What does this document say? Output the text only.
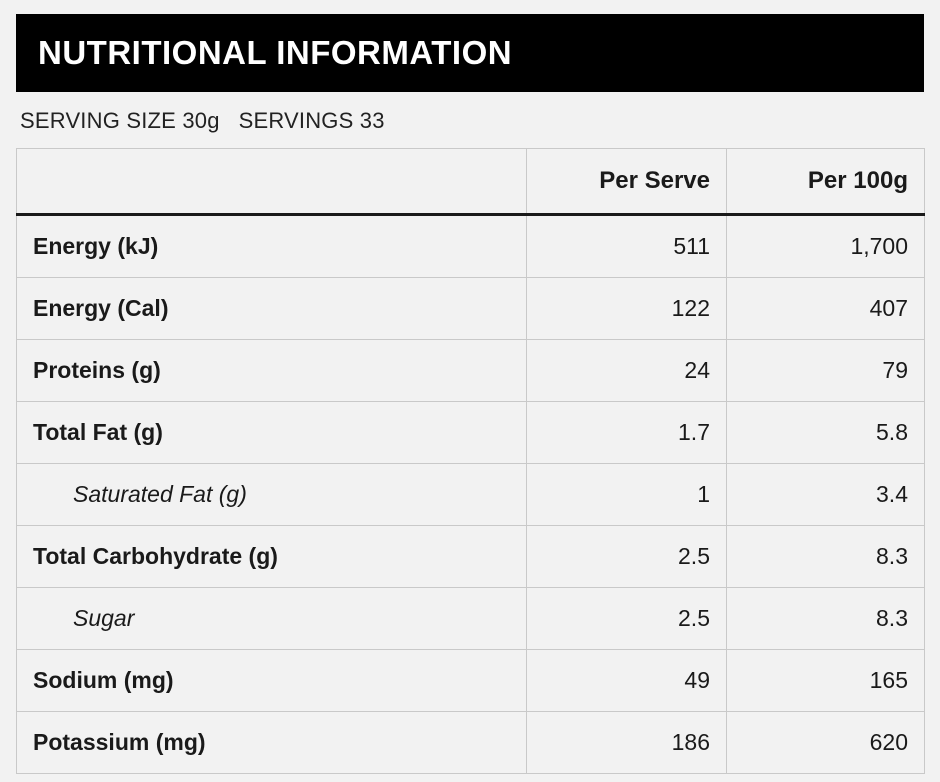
NUTRITIONAL INFORMATION
SERVING SIZE 30g   SERVINGS 33
	Per Serve	Per 100g
Energy (kJ)	511	1,700
Energy (Cal)	122	407
Proteins (g)	24	79
Total Fat (g)	1.7	5.8
Saturated Fat (g)	1	3.4
Total Carbohydrate (g)	2.5	8.3
Sugar	2.5	8.3
Sodium (mg)	49	165
Potassium (mg)	186	620
